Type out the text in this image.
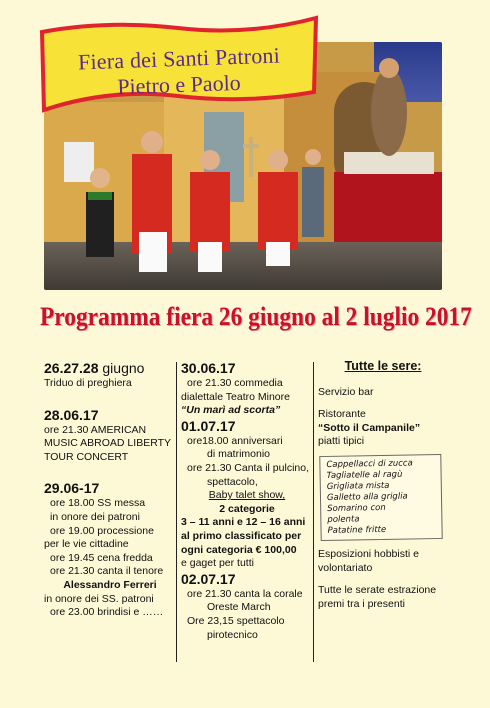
Fiera dei Santi Patroni
Pietro e Paolo
Programma fiera 26 giugno al 2 luglio 2017
26.27.28 giugno
Triduo di preghiera
28.06.17
ore 21.30 AMERICAN
MUSIC ABROAD LIBERTY
TOUR CONCERT
29.06-17
ore 18.00 SS messa
in onore dei patroni
ore 19.00 processione
per le vie cittadine
ore 19.45 cena fredda
ore 21.30 canta il tenore
Alessandro Ferreri
in onore dei SS. patroni
ore 23.00 brindisi e ……
30.06.17
ore 21.30 commedia
dialettale Teatro Minore
“Un marì ad scorta”
01.07.17
ore18.00 anniversari
di matrimonio
ore 21.30 Canta il pulcino,
spettacolo,
Baby talet show,
2 categorie
3 – 11 anni e 12 – 16 anni
al primo classificato per
ogni categoria € 100,00
e gaget per tutti
02.07.17
ore 21.30 canta la corale
Oreste March
Ore 23,15 spettacolo
pirotecnico
Tutte le sere:
Servizio bar
Ristorante
“Sotto il Campanile”
piatti tipici
Cappellacci di zucca
Tagliatelle al ragù
Grigliata mista
Galletto alla griglia
Somarino con
polenta
Patatine fritte
Esposizioni hobbisti e
volontariato
Tutte le serate estrazione
premi tra i presenti
